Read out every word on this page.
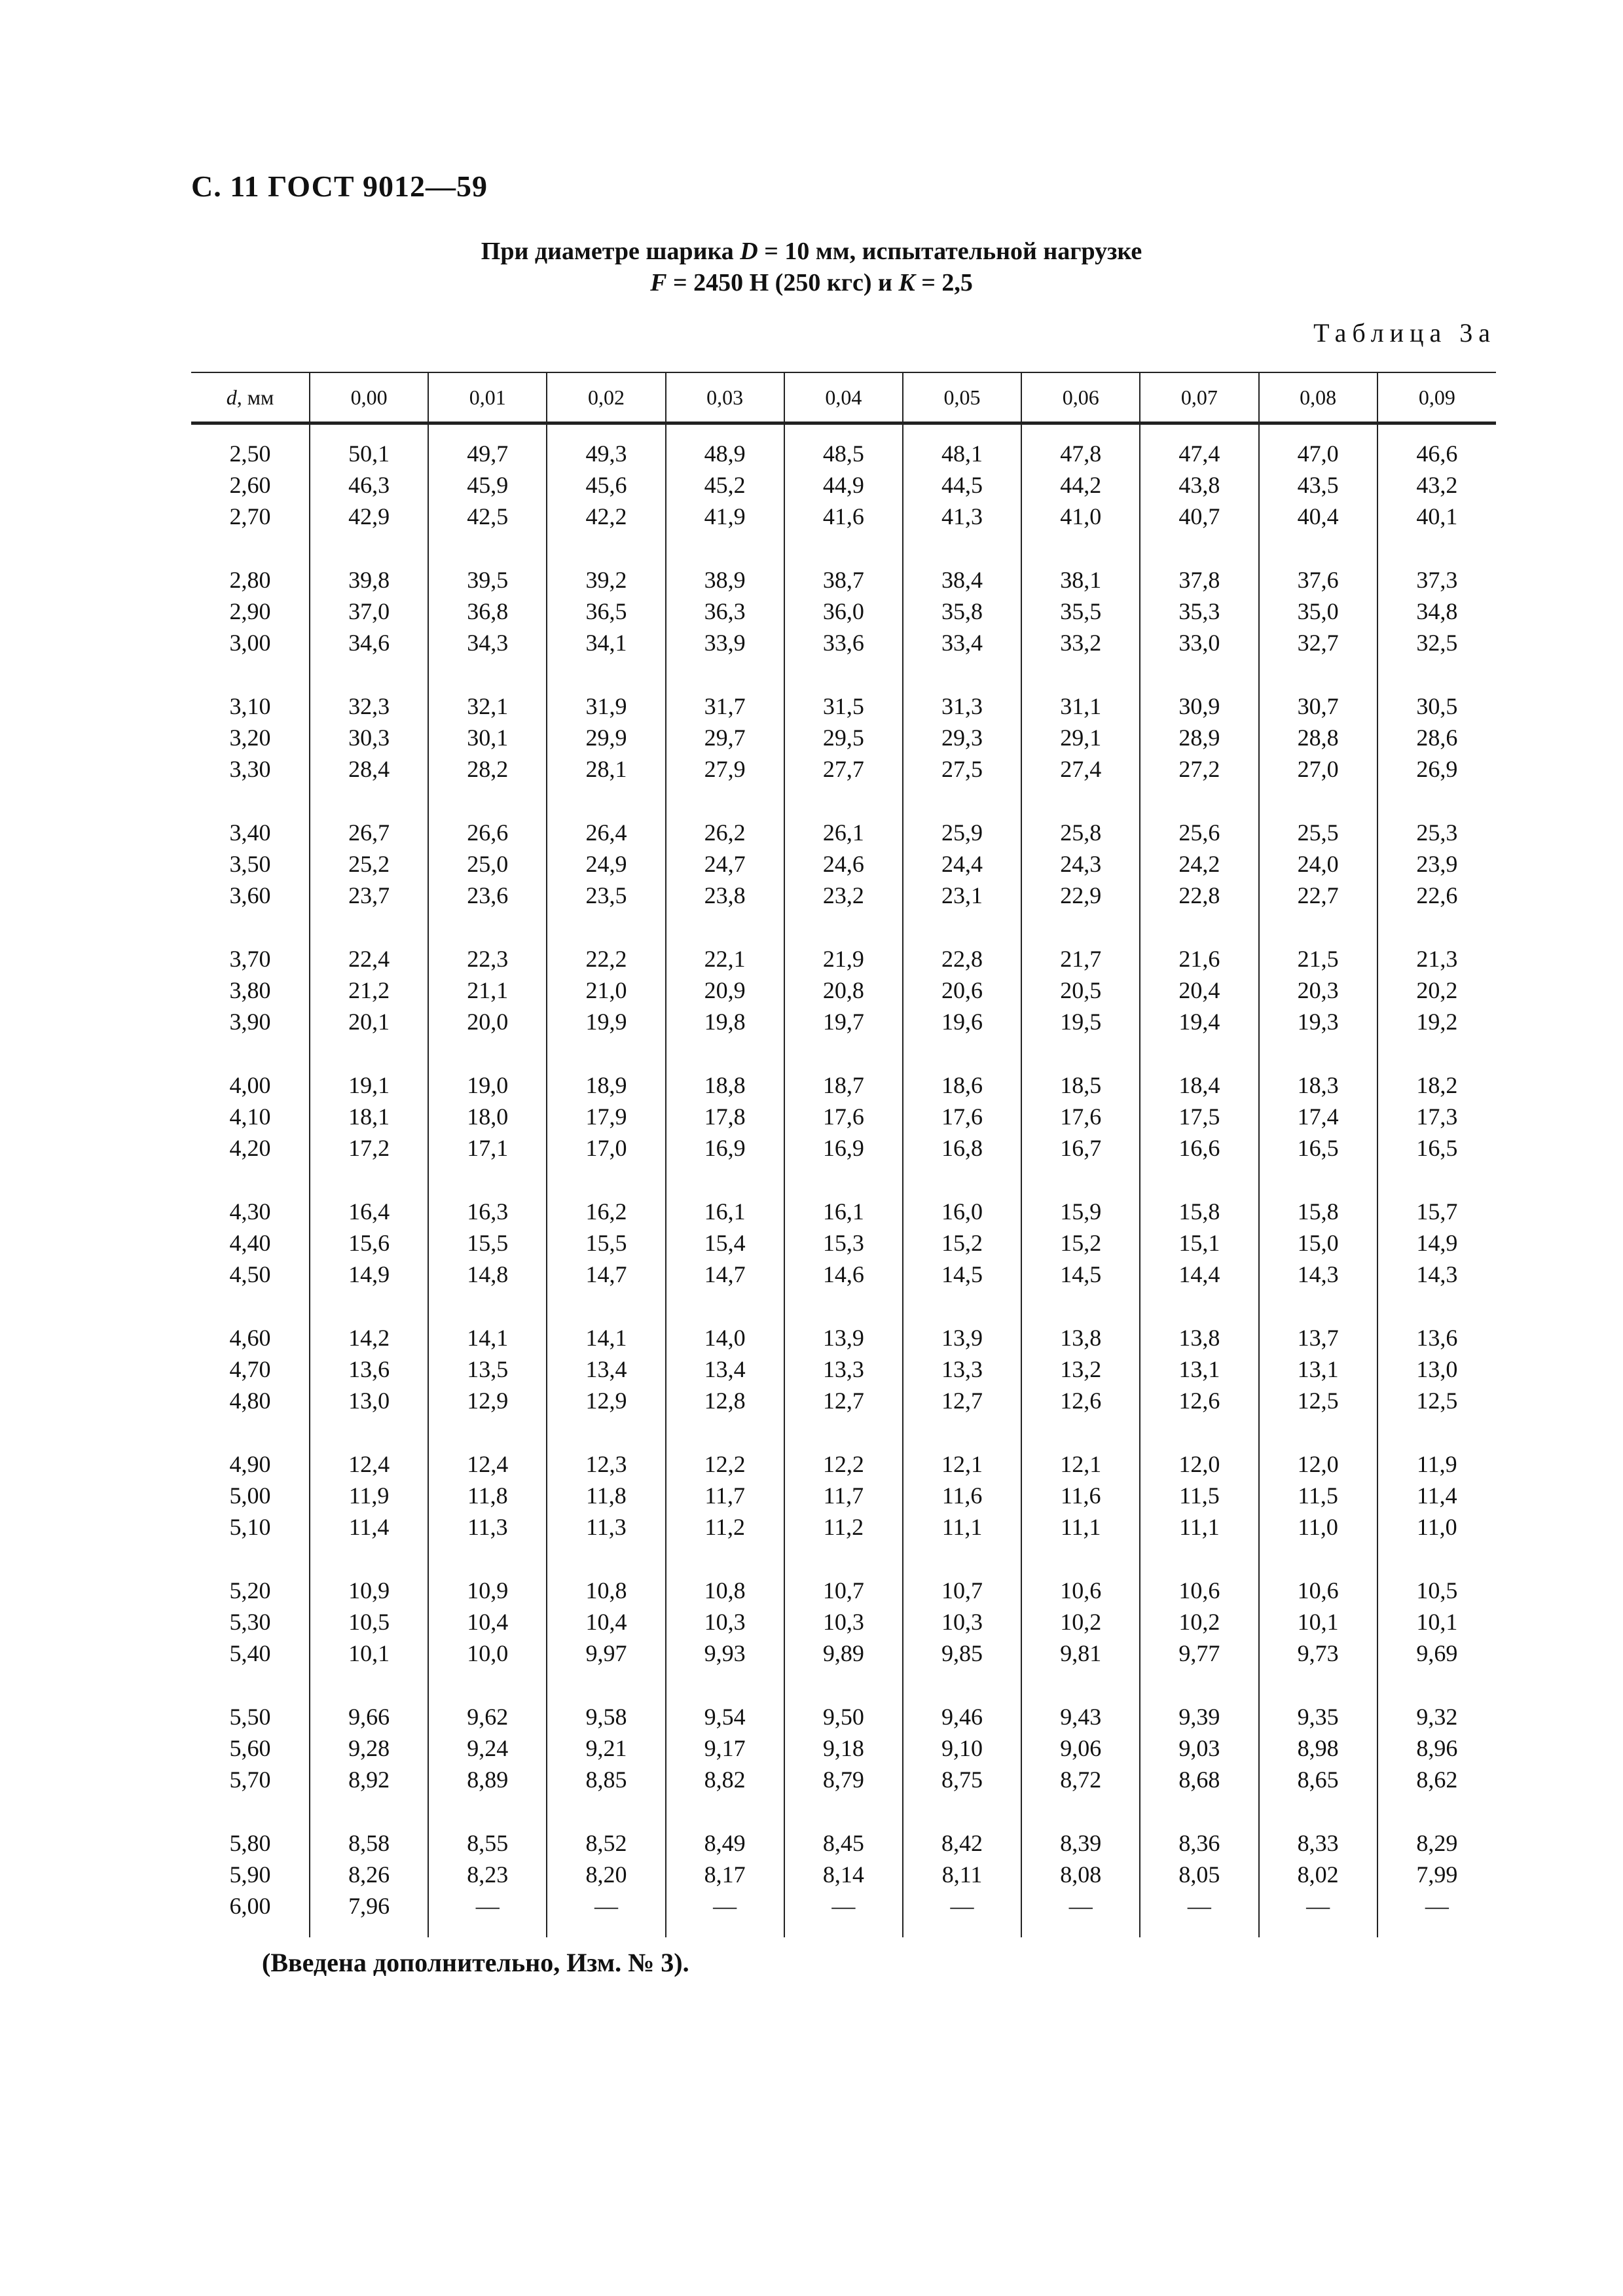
С. 11 ГОСТ 9012—59
При диаметре шарика D = 10 мм, испытательной нагрузке
F = 2450 Н (250 кгс) и K = 2,5
Таблица 3а
d, мм	0,00	0,01	0,02	0,03	0,04	0,05	0,06	0,07	0,08	0,09

2,50	50,1	49,7	49,3	48,9	48,5	48,1	47,8	47,4	47,0	46,6
2,60	46,3	45,9	45,6	45,2	44,9	44,5	44,2	43,8	43,5	43,2
2,70	42,9	42,5	42,2	41,9	41,6	41,3	41,0	40,7	40,4	40,1

2,80	39,8	39,5	39,2	38,9	38,7	38,4	38,1	37,8	37,6	37,3
2,90	37,0	36,8	36,5	36,3	36,0	35,8	35,5	35,3	35,0	34,8
3,00	34,6	34,3	34,1	33,9	33,6	33,4	33,2	33,0	32,7	32,5

3,10	32,3	32,1	31,9	31,7	31,5	31,3	31,1	30,9	30,7	30,5
3,20	30,3	30,1	29,9	29,7	29,5	29,3	29,1	28,9	28,8	28,6
3,30	28,4	28,2	28,1	27,9	27,7	27,5	27,4	27,2	27,0	26,9

3,40	26,7	26,6	26,4	26,2	26,1	25,9	25,8	25,6	25,5	25,3
3,50	25,2	25,0	24,9	24,7	24,6	24,4	24,3	24,2	24,0	23,9
3,60	23,7	23,6	23,5	23,8	23,2	23,1	22,9	22,8	22,7	22,6

3,70	22,4	22,3	22,2	22,1	21,9	22,8	21,7	21,6	21,5	21,3
3,80	21,2	21,1	21,0	20,9	20,8	20,6	20,5	20,4	20,3	20,2
3,90	20,1	20,0	19,9	19,8	19,7	19,6	19,5	19,4	19,3	19,2

4,00	19,1	19,0	18,9	18,8	18,7	18,6	18,5	18,4	18,3	18,2
4,10	18,1	18,0	17,9	17,8	17,6	17,6	17,6	17,5	17,4	17,3
4,20	17,2	17,1	17,0	16,9	16,9	16,8	16,7	16,6	16,5	16,5

4,30	16,4	16,3	16,2	16,1	16,1	16,0	15,9	15,8	15,8	15,7
4,40	15,6	15,5	15,5	15,4	15,3	15,2	15,2	15,1	15,0	14,9
4,50	14,9	14,8	14,7	14,7	14,6	14,5	14,5	14,4	14,3	14,3

4,60	14,2	14,1	14,1	14,0	13,9	13,9	13,8	13,8	13,7	13,6
4,70	13,6	13,5	13,4	13,4	13,3	13,3	13,2	13,1	13,1	13,0
4,80	13,0	12,9	12,9	12,8	12,7	12,7	12,6	12,6	12,5	12,5

4,90	12,4	12,4	12,3	12,2	12,2	12,1	12,1	12,0	12,0	11,9
5,00	11,9	11,8	11,8	11,7	11,7	11,6	11,6	11,5	11,5	11,4
5,10	11,4	11,3	11,3	11,2	11,2	11,1	11,1	11,1	11,0	11,0

5,20	10,9	10,9	10,8	10,8	10,7	10,7	10,6	10,6	10,6	10,5
5,30	10,5	10,4	10,4	10,3	10,3	10,3	10,2	10,2	10,1	10,1
5,40	10,1	10,0	9,97	9,93	9,89	9,85	9,81	9,77	9,73	9,69

5,50	9,66	9,62	9,58	9,54	9,50	9,46	9,43	9,39	9,35	9,32
5,60	9,28	9,24	9,21	9,17	9,18	9,10	9,06	9,03	8,98	8,96
5,70	8,92	8,89	8,85	8,82	8,79	8,75	8,72	8,68	8,65	8,62

5,80	8,58	8,55	8,52	8,49	8,45	8,42	8,39	8,36	8,33	8,29
5,90	8,26	8,23	8,20	8,17	8,14	8,11	8,08	8,05	8,02	7,99
6,00	7,96	—	—	—	—	—	—	—	—	—

(Введена дополнительно, Изм. № 3).
